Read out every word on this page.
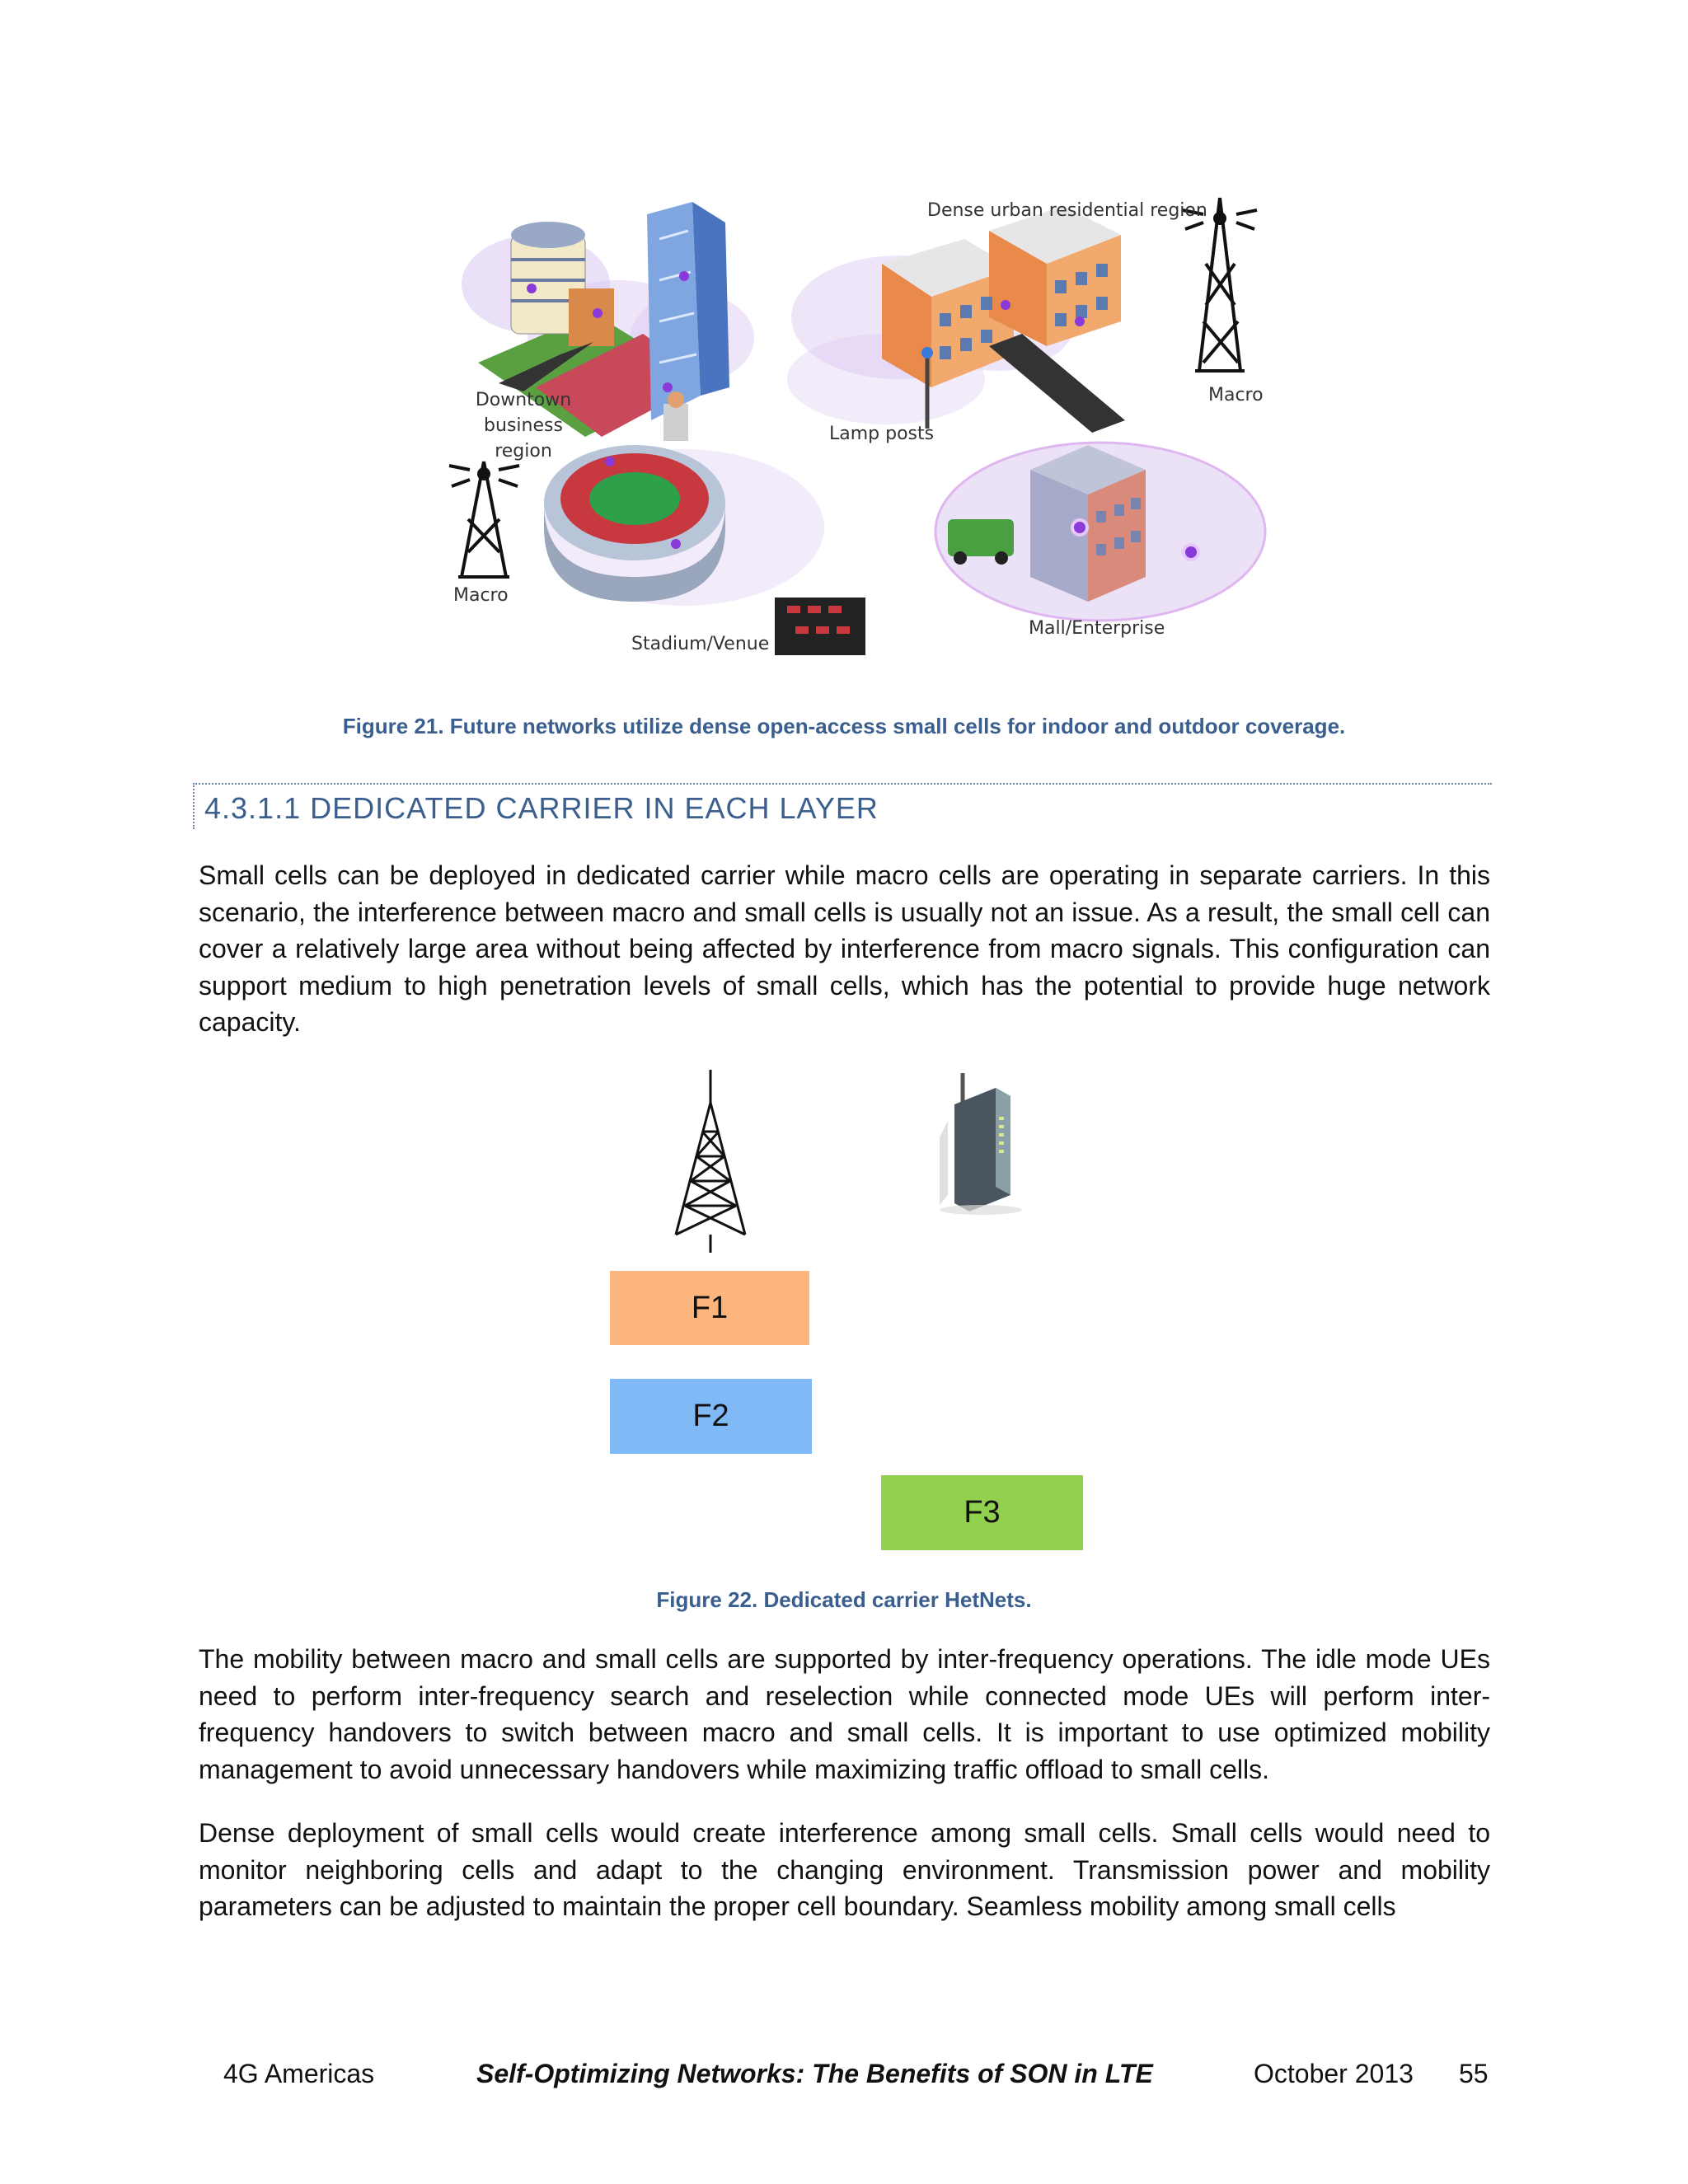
Downtown business region
Dense urban residential region
Macro
Lamp posts
Macro
Stadium/Venue
Mall/Enterprise
Figure 21. Future networks utilize dense open-access small cells for indoor and outdoor coverage.
4.3.1.1 DEDICATED CARRIER IN EACH LAYER

Small cells can be deployed in dedicated carrier while macro cells are operating in separate carriers. In this scenario, the interference between macro and small cells is usually not an issue. As a result, the small cell can cover a relatively large area without being affected by interference from macro signals. This configuration can support medium to high penetration levels of small cells, which has the potential to provide huge network capacity.

F1
F2
F3
Figure 22. Dedicated carrier HetNets.

The mobility between macro and small cells are supported by inter-frequency operations. The idle mode UEs need to perform inter-frequency search and reselection while connected mode UEs will perform inter-frequency handovers to switch between macro and small cells. It is important to use optimized mobility management to avoid unnecessary handovers while maximizing traffic offload to small cells.

Dense deployment of small cells would create interference among small cells. Small cells would need to monitor neighboring cells and adapt to the changing environment. Transmission power and mobility parameters can be adjusted to maintain the proper cell boundary. Seamless mobility among small cells

4G Americas	Self-Optimizing Networks: The Benefits of SON in LTE	October 2013 55
